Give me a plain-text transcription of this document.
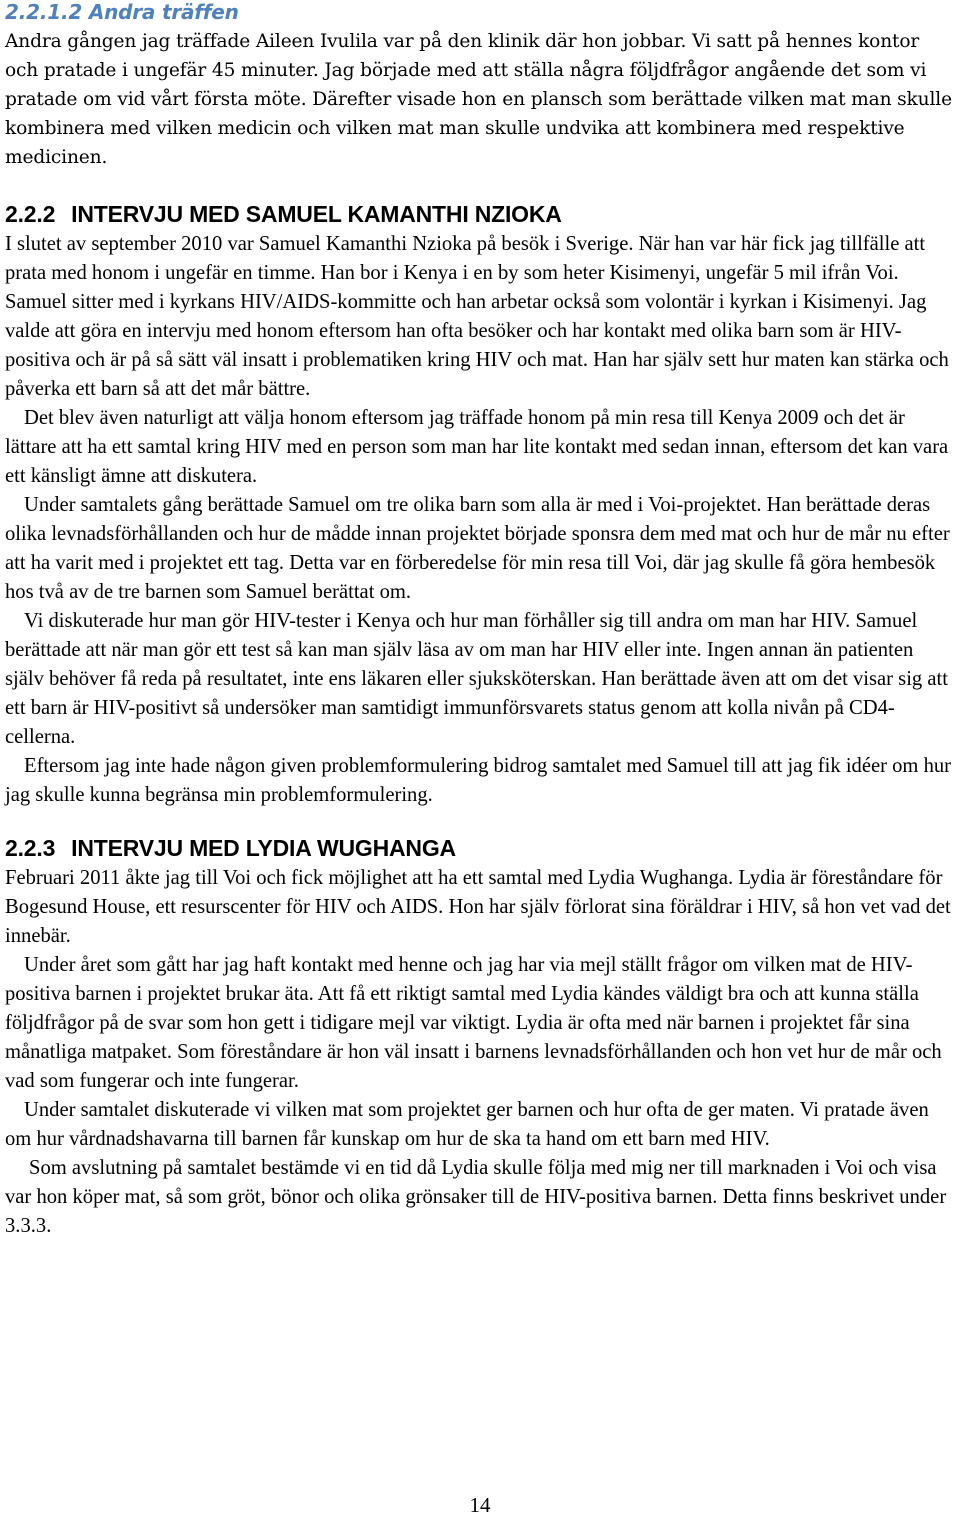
2.2.1.2 Andra träffen

Andra gången jag träffade Aileen Ivulila var på den klinik där hon jobbar. Vi satt på hennes kontor och pratade i ungefär 45 minuter. Jag började med att ställa några följdfrågor angående det som vi pratade om vid vårt första möte. Därefter visade hon en plansch som berättade vilken mat man skulle kombinera med vilken medicin och vilken mat man skulle undvika att kombinera med respektive medicinen.

2.2.2 INTERVJU MED SAMUEL KAMANTHI NZIOKA

I slutet av september 2010 var Samuel Kamanthi Nzioka på besök i Sverige. När han var här fick jag tillfälle att prata med honom i ungefär en timme. Han bor i Kenya i en by som heter Kisimenyi, ungefär 5 mil ifrån Voi. Samuel sitter med i kyrkans HIV/AIDS-kommitte och han arbetar också som volontär i kyrkan i Kisimenyi. Jag valde att göra en intervju med honom eftersom han ofta besöker och har kontakt med olika barn som är HIV-positiva och är på så sätt väl insatt i problematiken kring HIV och mat. Han har själv sett hur maten kan stärka och påverka ett barn så att det mår bättre.

Det blev även naturligt att välja honom eftersom jag träffade honom på min resa till Kenya 2009 och det är lättare att ha ett samtal kring HIV med en person som man har lite kontakt med sedan innan, eftersom det kan vara ett känsligt ämne att diskutera.

Under samtalets gång berättade Samuel om tre olika barn som alla är med i Voi-projektet. Han berättade deras olika levnadsförhållanden och hur de mådde innan projektet började sponsra dem med mat och hur de mår nu efter att ha varit med i projektet ett tag. Detta var en förberedelse för min resa till Voi, där jag skulle få göra hembesök hos två av de tre barnen som Samuel berättat om.

Vi diskuterade hur man gör HIV-tester i Kenya och hur man förhåller sig till andra om man har HIV. Samuel berättade att när man gör ett test så kan man själv läsa av om man har HIV eller inte. Ingen annan än patienten själv behöver få reda på resultatet, inte ens läkaren eller sjuksköterskan. Han berättade även att om det visar sig att ett barn är HIV-positivt så undersöker man samtidigt immunförsvarets status genom att kolla nivån på CD4-cellerna.

Eftersom jag inte hade någon given problemformulering bidrog samtalet med Samuel till att jag fik idéer om hur jag skulle kunna begränsa min problemformulering.

2.2.3 INTERVJU MED LYDIA WUGHANGA

Februari 2011 åkte jag till Voi och fick möjlighet att ha ett samtal med Lydia Wughanga. Lydia är föreståndare för Bogesund House, ett resurscenter för HIV och AIDS. Hon har själv förlorat sina föräldrar i HIV, så hon vet vad det innebär.

Under året som gått har jag haft kontakt med henne och jag har via mejl ställt frågor om vilken mat de HIV-positiva barnen i projektet brukar äta. Att få ett riktigt samtal med Lydia kändes väldigt bra och att kunna ställa följdfrågor på de svar som hon gett i tidigare mejl var viktigt. Lydia är ofta med när barnen i projektet får sina månatliga matpaket. Som föreståndare är hon väl insatt i barnens levnadsförhållanden och hon vet hur de mår och vad som fungerar och inte fungerar.

Under samtalet diskuterade vi vilken mat som projektet ger barnen och hur ofta de ger maten. Vi pratade även om hur vårdnadshavarna till barnen får kunskap om hur de ska ta hand om ett barn med HIV.

Som avslutning på samtalet bestämde vi en tid då Lydia skulle följa med mig ner till marknaden i Voi och visa var hon köper mat, så som gröt, bönor och olika grönsaker till de HIV-positiva barnen. Detta finns beskrivet under 3.3.3.

14
